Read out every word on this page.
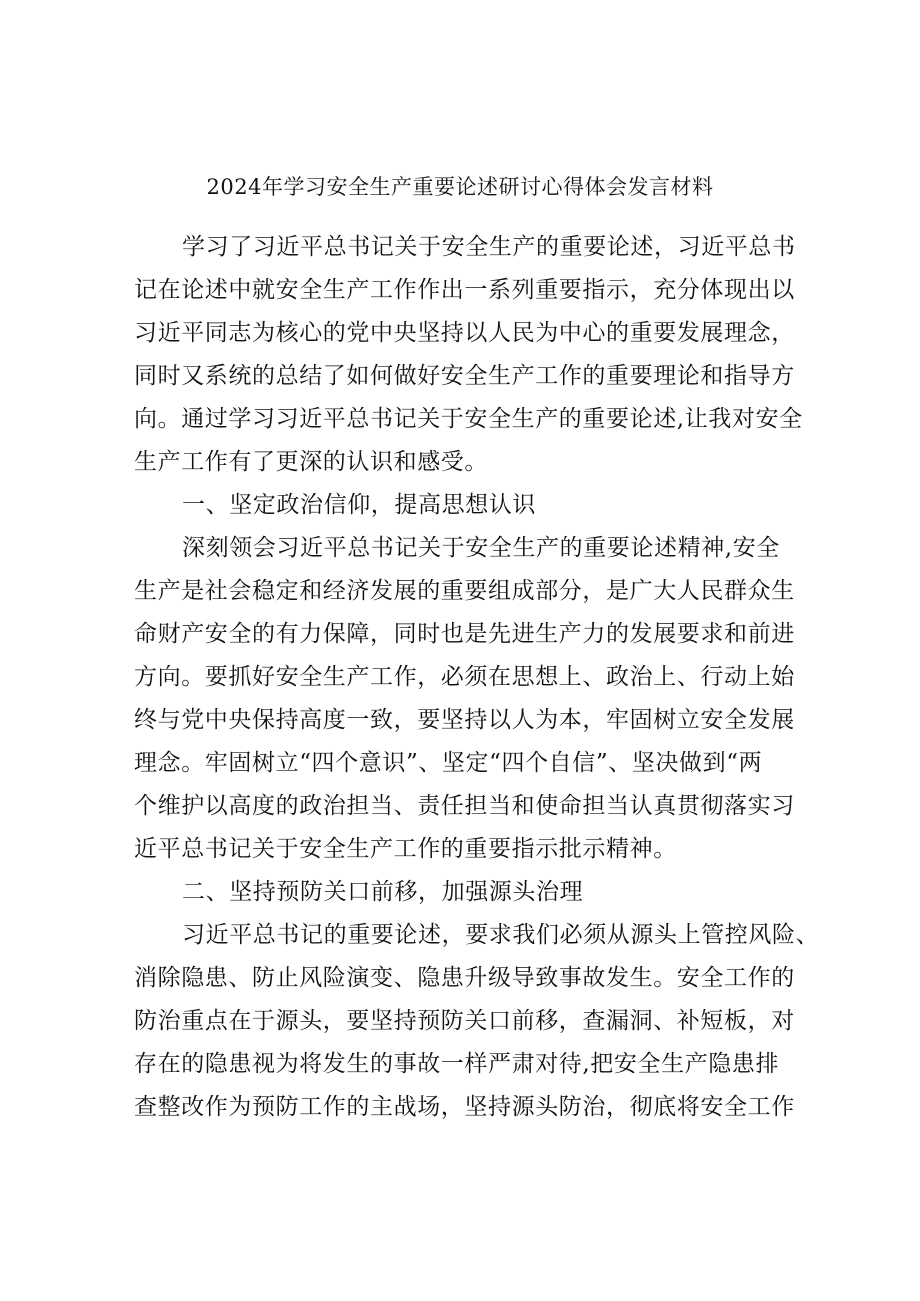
2024年学习安全生产重要论述研讨心得体会发言材料
学习了习近平总书记关于安全生产的重要论述，习近平总书
记在论述中就安全生产工作作出一系列重要指示，充分体现出以
习近平同志为核心的党中央坚持以人民为中心的重要发展理念，
同时又系统的总结了如何做好安全生产工作的重要理论和指导方
向。通过学习习近平总书记关于安全生产的重要论述,让我对安全
生产工作有了更深的认识和感受。
一、坚定政治信仰，提高思想认识
深刻领会习近平总书记关于安全生产的重要论述精神,安全
生产是社会稳定和经济发展的重要组成部分，是广大人民群众生
命财产安全的有力保障，同时也是先进生产力的发展要求和前进
方向。要抓好安全生产工作，必须在思想上、政治上、行动上始
终与党中央保持高度一致，要坚持以人为本，牢固树立安全发展
理念。牢固树立“四个意识”、坚定“四个自信”、坚决做到“两
个维护以高度的政治担当、责任担当和使命担当认真贯彻落实习
近平总书记关于安全生产工作的重要指示批示精神。
二、坚持预防关口前移，加强源头治理
习近平总书记的重要论述，要求我们必须从源头上管控风险、
消除隐患、防止风险演变、隐患升级导致事故发生。安全工作的
防治重点在于源头，要坚持预防关口前移，查漏洞、补短板，对
存在的隐患视为将发生的事故一样严肃对待,把安全生产隐患排
查整改作为预防工作的主战场，坚持源头防治，彻底将安全工作
